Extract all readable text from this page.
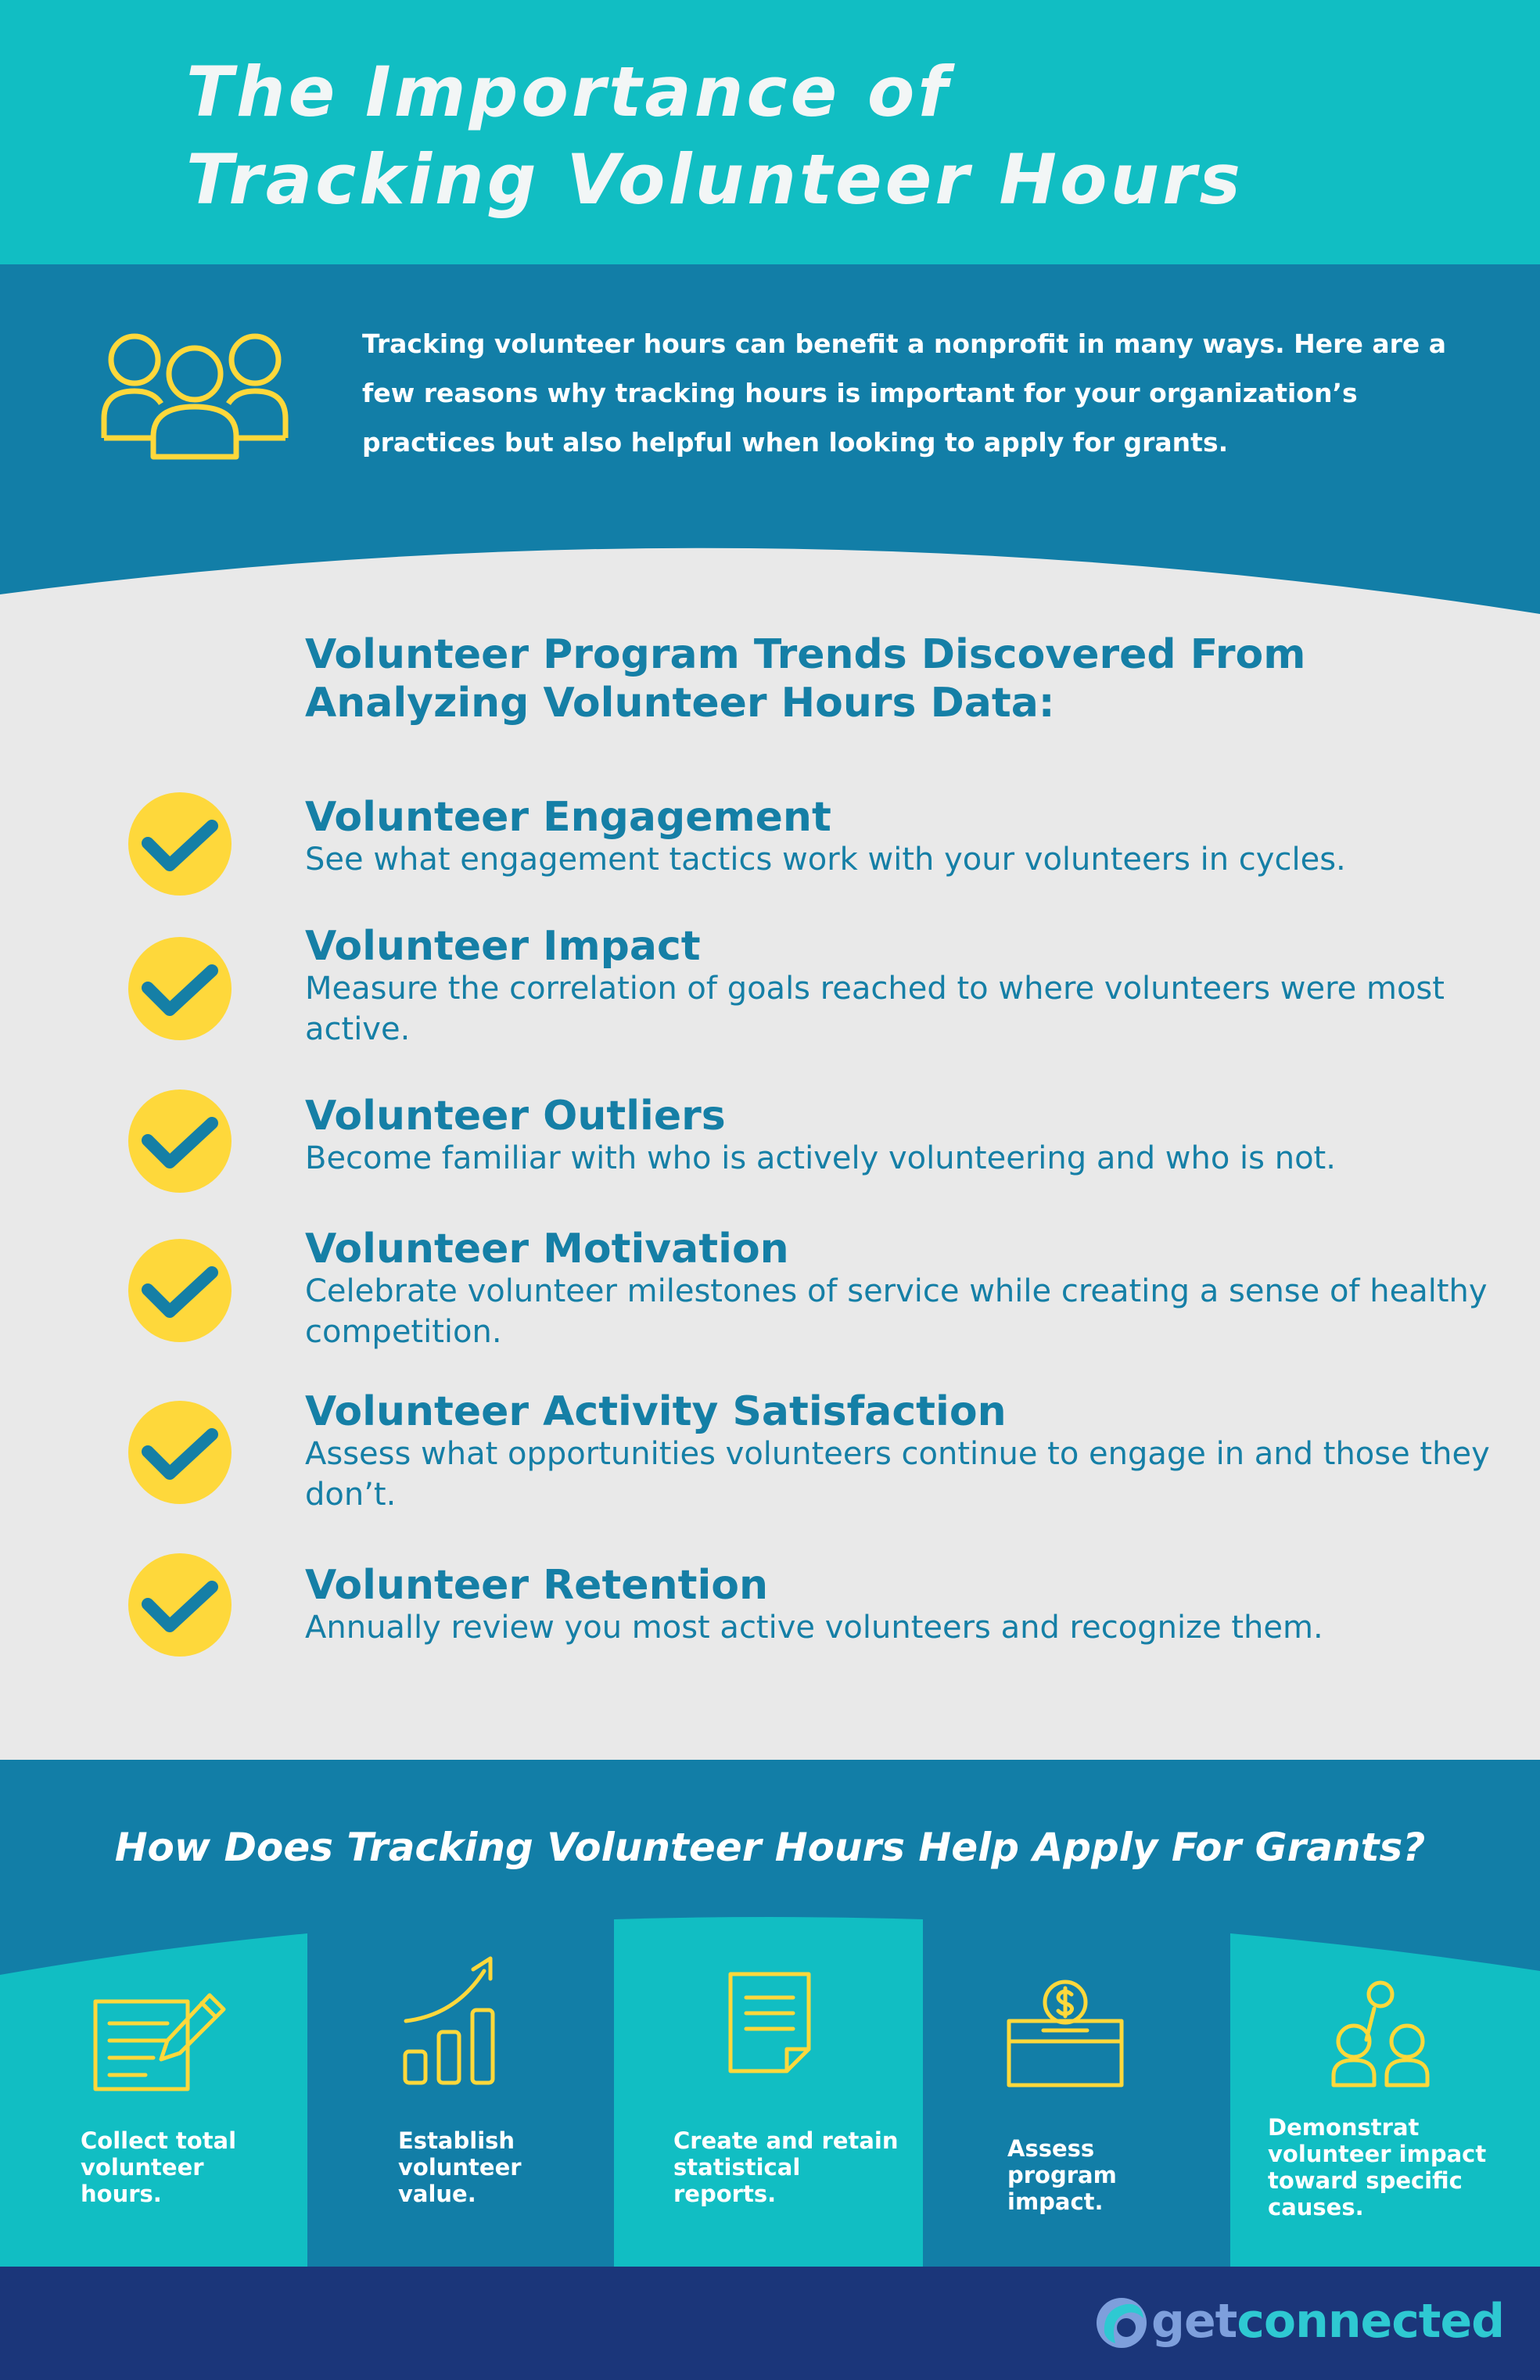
The Importance of
Tracking Volunteer Hours

Tracking volunteer hours can benefit a nonprofit in many ways. Here are a few reasons why tracking hours is important for your organization’s practices but also helpful when looking to apply for grants.

Volunteer Program Trends Discovered From Analyzing Volunteer Hours Data:
Volunteer Engagement

See what engagement tactics work with your volunteers in cycles.

Volunteer Impact

Measure the correlation of goals reached to where volunteers were most active.

Volunteer Outliers

Become familiar with who is actively volunteering and who is not.

Volunteer Motivation

Celebrate volunteer milestones of service while creating a sense of healthy competition.

Volunteer Activity Satisfaction

Assess what opportunities volunteers continue to engage in and those they don’t.

Volunteer Retention

Annually review you most active volunteers and recognize them.

How Does Tracking Volunteer Hours Help Apply For Grants?

Collect total volunteer hours.

Establish volunteer value.

Create and retain statistical reports.

Assess program impact.

Demonstrat volunteer impact toward specific causes.

getconnected
